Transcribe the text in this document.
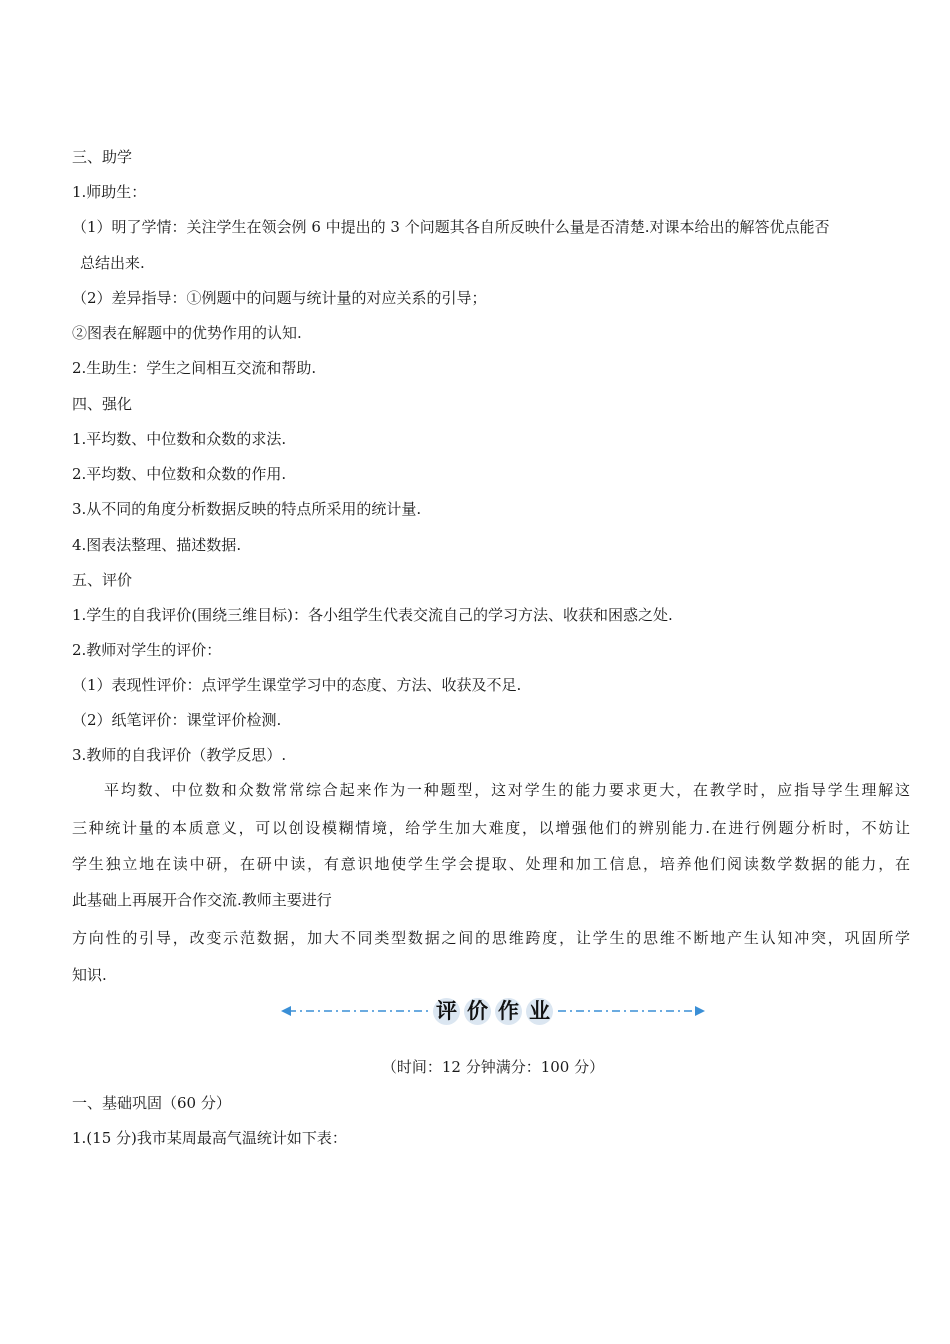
三、助学
1.师助生：
（1）明了学情：关注学生在领会例 6 中提出的 3 个问题其各自所反映什么量是否清楚.对课本给出的解答优点能否
总结出来.
（2）差异指导：①例题中的问题与统计量的对应关系的引导；
②图表在解题中的优势作用的认知.
2.生助生：学生之间相互交流和帮助.
四、强化
1.平均数、中位数和众数的求法.
2.平均数、中位数和众数的作用.
3.从不同的角度分析数据反映的特点所采用的统计量.
4.图表法整理、描述数据.
五、评价
1.学生的自我评价(围绕三维目标)：各小组学生代表交流自己的学习方法、收获和困惑之处.
2.教师对学生的评价：
（1）表现性评价：点评学生课堂学习中的态度、方法、收获及不足.
（2）纸笔评价：课堂评价检测.
3.教师的自我评价（教学反思）.
平均数、中位数和众数常常综合起来作为一种题型，这对学生的能力要求更大，在教学时，应指导学生理解这
三种统计量的本质意义，可以创设模糊情境，给学生加大难度，以增强他们的辨别能力.在进行例题分析时，不妨让
学生独立地在读中研，在研中读，有意识地使学生学会提取、处理和加工信息，培养他们阅读数学数据的能力，在
此基础上再展开合作交流.教师主要进行
方向性的引导，改变示范数据，加大不同类型数据之间的思维跨度，让学生的思维不断地产生认知冲突，巩固所学
知识.
评 价 作 业
（时间：12 分钟满分：100 分）
一、基础巩固（60 分）
1.(15 分)我市某周最高气温统计如下表：
